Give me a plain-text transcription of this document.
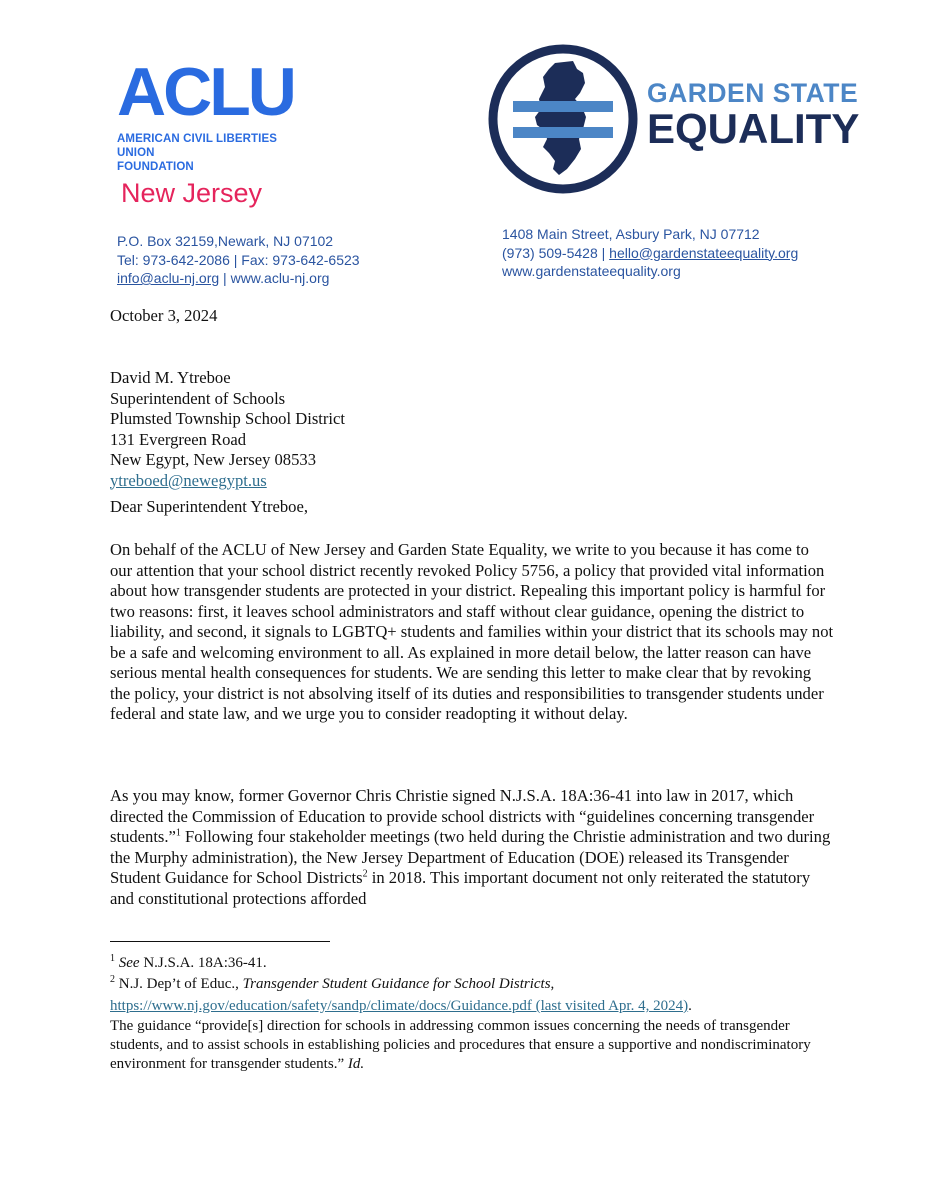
ACLU
AMERICAN CIVIL LIBERTIES UNION
FOUNDATION
New Jersey
P.O. Box 32159,Newark, NJ 07102
Tel: 973-642-2086 | Fax: 973-642-6523
info@aclu-nj.org | www.aclu-nj.org
GARDEN STATE
EQUALITY
1408 Main Street, Asbury Park, NJ 07712
(973) 509-5428 | hello@gardenstateequality.org
www.gardenstateequality.org
October 3, 2024
David M. Ytreboe
Superintendent of Schools
Plumsted Township School District
131 Evergreen Road
New Egypt, New Jersey 08533
ytreboed@newegypt.us
Dear Superintendent Ytreboe,

On behalf of the ACLU of New Jersey and Garden State Equality, we write to you because it has come to our attention that your school district recently revoked Policy 5756, a policy that provided vital information about how transgender students are protected in your district. Repealing this important policy is harmful for two reasons: first, it leaves school administrators and staff without clear guidance, opening the district to liability, and second, it signals to LGBTQ+ students and families within your district that its schools may not be a safe and welcoming environment to all. As explained in more detail below, the latter reason can have serious mental health consequences for students. We are sending this letter to make clear that by revoking the policy, your district is not absolving itself of its duties and responsibilities to transgender students under federal and state law, and we urge you to consider readopting it without delay.

As you may know, former Governor Chris Christie signed N.J.S.A. 18A:36-41 into law in 2017, which directed the Commission of Education to provide school districts with “guidelines concerning transgender students.”$^1$ Following four stakeholder meetings (two held during the Christie administration and two during the Murphy administration), the New Jersey Department of Education (DOE) released its Transgender Student Guidance for School Districts$^2$ in 2018. This important document not only reiterated the statutory and constitutional protections afforded

$^1$ See N.J.S.A. 18A:36-41.
$^2$ N.J. Dep’t of Educ., Transgender Student Guidance for School Districts,
https://www.nj.gov/education/safety/sandp/climate/docs/Guidance.pdf (last visited Apr. 4, 2024).
The guidance “provide[s] direction for schools in addressing common issues concerning the needs of transgender students, and to assist schools in establishing policies and procedures that ensure a supportive and nondiscriminatory environment for transgender students.” Id.
